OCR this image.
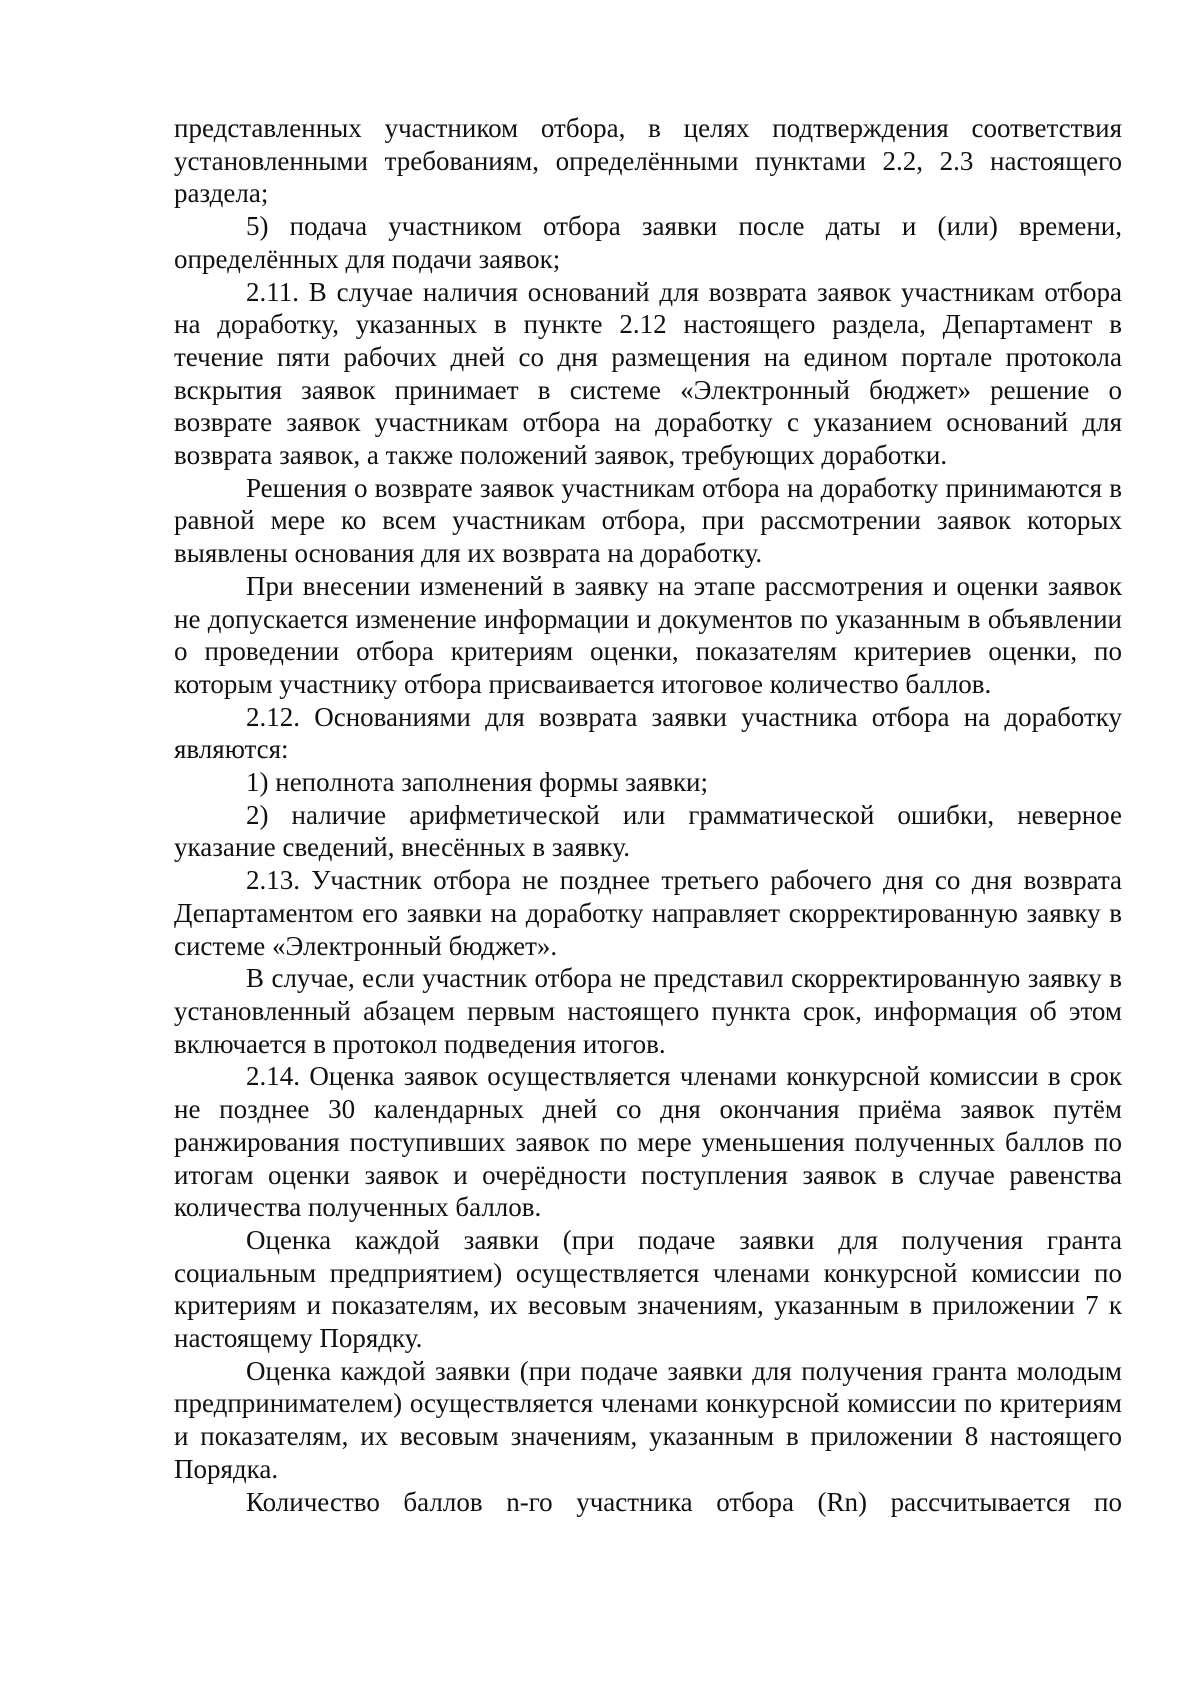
представленных участником отбора, в целях подтверждения соответствия установленными требованиям, определёнными пунктами 2.2, 2.3 настоящего раздела;

5) подача участником отбора заявки после даты и (или) времени, определённых для подачи заявок;

2.11. В случае наличия оснований для возврата заявок участникам отбора на доработку, указанных в пункте 2.12 настоящего раздела, Департамент в течение пяти рабочих дней со дня размещения на едином портале протокола вскрытия заявок принимает в системе «Электронный бюджет» решение о возврате заявок участникам отбора на доработку с указанием оснований для возврата заявок, а также положений заявок, требующих доработки.

Решения о возврате заявок участникам отбора на доработку принимаются в равной мере ко всем участникам отбора, при рассмотрении заявок которых выявлены основания для их возврата на доработку.

При внесении изменений в заявку на этапе рассмотрения и оценки заявок не допускается изменение информации и документов по указанным в объявлении о проведении отбора критериям оценки, показателям критериев оценки, по которым участнику отбора присваивается итоговое количество баллов.

2.12. Основаниями для возврата заявки участника отбора на доработку являются:

1) неполнота заполнения формы заявки;

2) наличие арифметической или грамматической ошибки, неверное указание сведений, внесённых в заявку.

2.13. Участник отбора не позднее третьего рабочего дня со дня возврата Департаментом его заявки на доработку направляет скорректированную заявку в системе «Электронный бюджет».

В случае, если участник отбора не представил скорректированную заявку в установленный абзацем первым настоящего пункта срок, информация об этом включается в протокол подведения итогов.

2.14. Оценка заявок осуществляется членами конкурсной комиссии в срок не позднее 30 календарных дней со дня окончания приёма заявок путём ранжирования поступивших заявок по мере уменьшения полученных баллов по итогам оценки заявок и очерёдности поступления заявок в случае равенства количества полученных баллов.

Оценка каждой заявки (при подаче заявки для получения гранта социальным предприятием) осуществляется членами конкурсной комиссии по критериям и показателям, их весовым значениям, указанным в приложении 7 к настоящему Порядку.

Оценка каждой заявки (при подаче заявки для получения гранта молодым предпринимателем) осуществляется членами конкурсной комиссии по критериям и показателям, их весовым значениям, указанным в приложении 8 настоящего Порядка.

Количество баллов n-го участника отбора (Rn) рассчитывается по
